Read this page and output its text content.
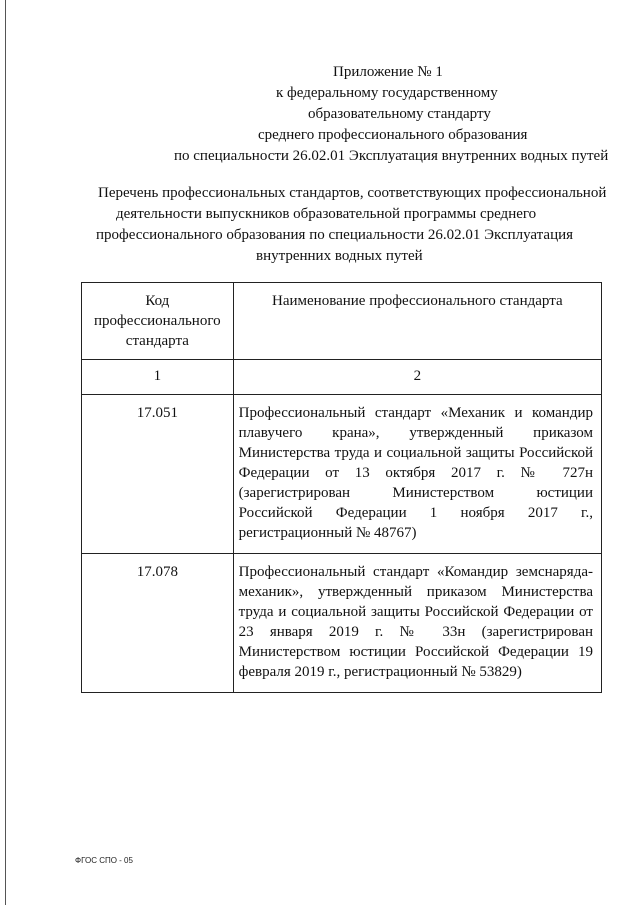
Приложение № 1
к федеральному государственному
образовательному стандарту
среднего профессионального образования
по специальности 26.02.01 Эксплуатация внутренних водных путей
Перечень профессиональных стандартов, соответствующих профессиональной
деятельности выпускников образовательной программы среднего
профессионального образования по специальности 26.02.01 Эксплуатация
внутренних водных путей
Код
профессионального
стандарта	Наименование профессионального стандарта
1	2
17.051	Профессиональный стандарт «Механик и командир плавучего крана», утвержденный приказом Министерства труда и социальной защиты Российской Федерации от 13 октября 2017 г. № 727н (зарегистрирован Министерством юстиции Российской Федерации 1 ноября 2017 г., регистрационный № 48767)
17.078	Профессиональный стандарт «Командир земснаряда-механик», утвержденный приказом Министерства труда и социальной защиты Российской Федерации от 23 января 2019 г. № 33н (зарегистрирован Министерством юстиции Российской Федерации 19 февраля 2019 г., регистрационный № 53829)
ФГОС СПО - 05
